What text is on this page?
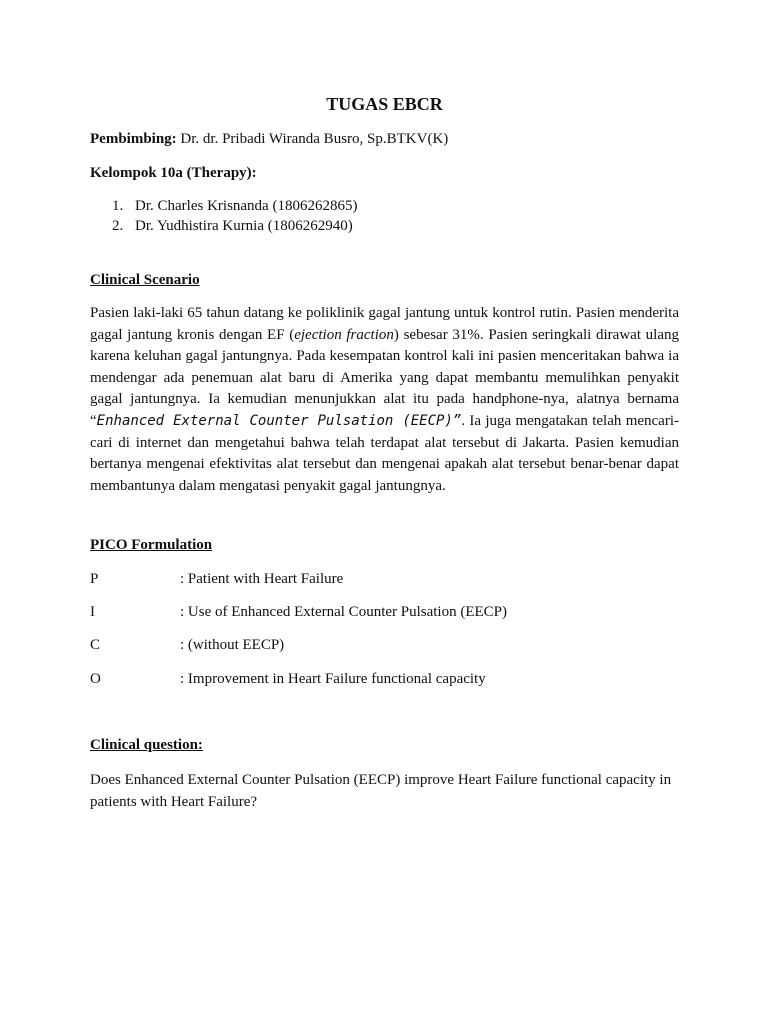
TUGAS EBCR
Pembimbing: Dr. dr. Pribadi Wiranda Busro, Sp.BTKV(K)
Kelompok 10a (Therapy):
1. Dr. Charles Krisnanda (1806262865)
2. Dr. Yudhistira Kurnia (1806262940)
Clinical Scenario
Pasien laki-laki 65 tahun datang ke poliklinik gagal jantung untuk kontrol rutin. Pasien menderita gagal jantung kronis dengan EF (ejection fraction) sebesar 31%. Pasien seringkali dirawat ulang karena keluhan gagal jantungnya. Pada kesempatan kontrol kali ini pasien menceritakan bahwa ia mendengar ada penemuan alat baru di Amerika yang dapat membantu memulihkan penyakit gagal jantungnya. Ia kemudian menunjukkan alat itu pada handphone-nya, alatnya bernama “Enhanced External Counter Pulsation (EECP)”. Ia juga mengatakan telah mencari-cari di internet dan mengetahui bahwa telah terdapat alat tersebut di Jakarta. Pasien kemudian bertanya mengenai efektivitas alat tersebut dan mengenai apakah alat tersebut benar-benar dapat membantunya dalam mengatasi penyakit gagal jantungnya.
PICO Formulation
P	: Patient with Heart Failure
I	: Use of Enhanced External Counter Pulsation (EECP)
C	: (without EECP)
O	: Improvement in Heart Failure functional capacity
Clinical question:
Does Enhanced External Counter Pulsation (EECP) improve Heart Failure functional capacity in patients with Heart Failure?
